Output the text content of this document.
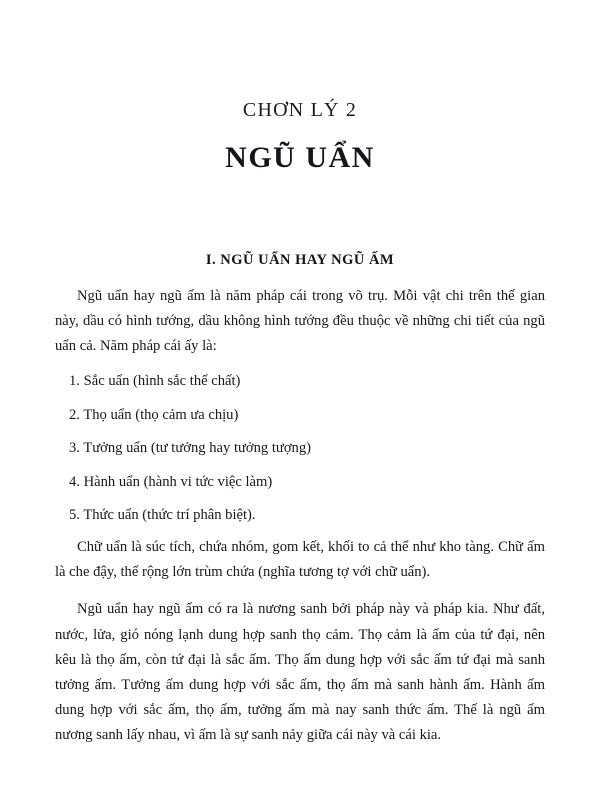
CHƠN LÝ 2
NGŨ UẨN
I. NGŨ UẨN HAY NGŨ ẤM

Ngũ uẩn hay ngũ ấm là năm pháp cái trong võ trụ. Mỗi vật chi trên thế gian này, dầu có hình tướng, dầu không hình tướng đều thuộc về những chi tiết của ngũ uẩn cả. Năm pháp cái ấy là:

1. Sắc uẩn (hình sắc thể chất)
2. Thọ uẩn (thọ cảm ưa chịu)
3. Tưởng uẩn (tư tưởng hay tưởng tượng)
4. Hành uẩn (hành vi tức việc làm)
5. Thức uẩn (thức trí phân biệt).

Chữ uẩn là súc tích, chứa nhóm, gom kết, khối to cả thể như kho tàng. Chữ ấm là che đậy, thể rộng lớn trùm chứa (nghĩa tương tợ với chữ uẩn).

Ngũ uẩn hay ngũ ấm có ra là nương sanh bởi pháp này và pháp kia. Như đất, nước, lửa, gió nóng lạnh dung hợp sanh thọ cảm. Thọ cảm là ấm của tứ đại, nên kêu là thọ ấm, còn tứ đại là sắc ấm. Thọ ấm dung hợp với sắc ấm tứ đại mà sanh tưởng ấm. Tưởng ấm dung hợp với sắc ấm, thọ ấm mà sanh hành ấm. Hành ấm dung hợp với sắc ấm, thọ ấm, tưởng ấm mà nay sanh thức ấm. Thế là ngũ ấm nương sanh lấy nhau, vì ấm là sự sanh nảy giữa cái này và cái kia.
